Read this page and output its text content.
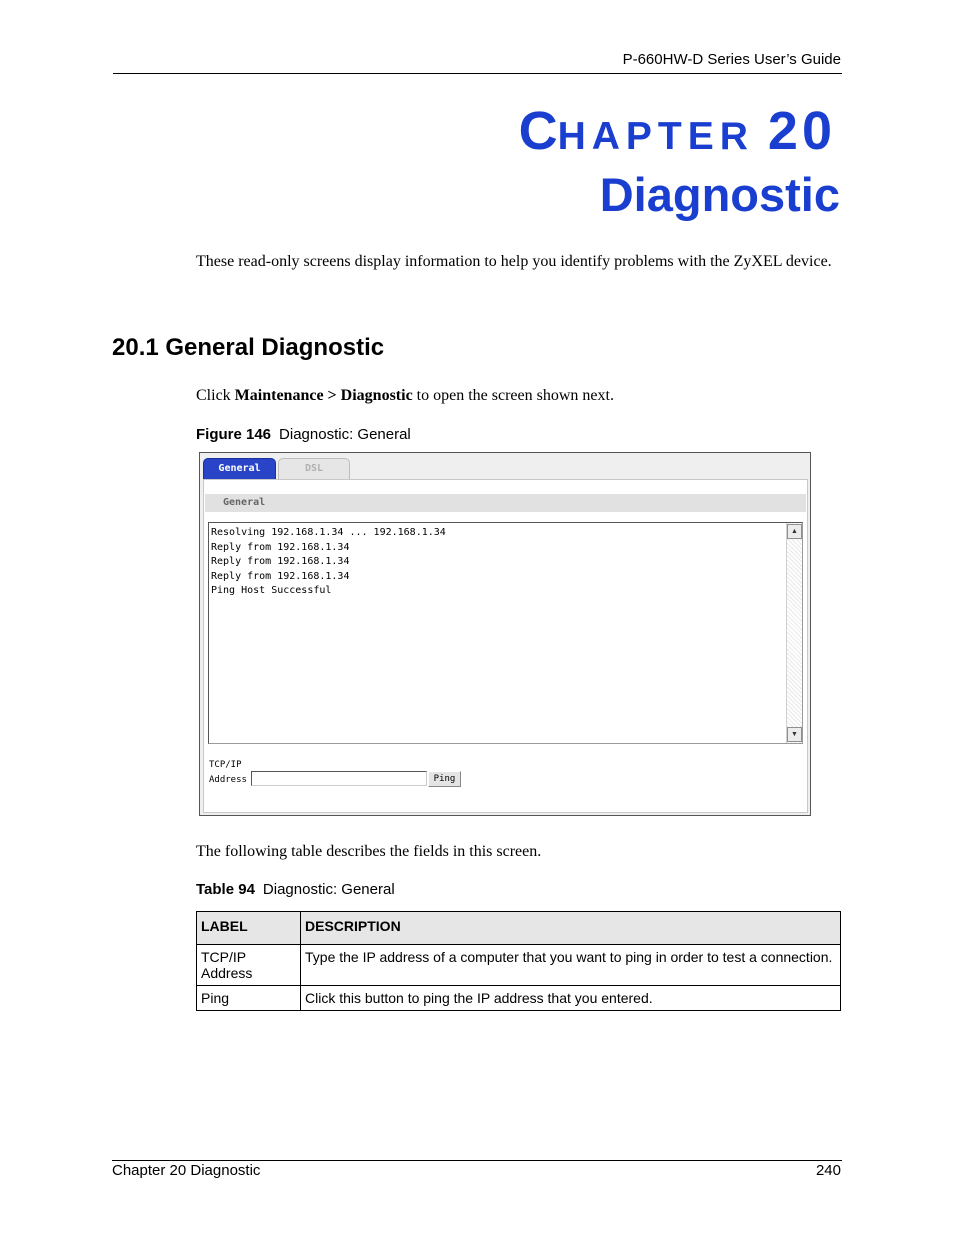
P-660HW-D Series User’s Guide
CHAPTER 20
Diagnostic
These read-only screens display information to help you identify problems with the ZyXEL device.
20.1 General Diagnostic
Click Maintenance > Diagnostic to open the screen shown next.
Figure 146 Diagnostic: General
General	DSL
General
Resolving 192.168.1.34 ... 192.168.1.34
Reply from 192.168.1.34
Reply from 192.168.1.34
Reply from 192.168.1.34
Ping Host Successful
▲
▼
TCP/IP
Address	Ping
The following table describes the fields in this screen.
Table 94 Diagnostic: General
LABEL	DESCRIPTION

TCP/IP
Address	Type the IP address of a computer that you want to ping in order to test a connection.
Ping	Click this button to ping the IP address that you entered.
Chapter 20 Diagnostic	240
